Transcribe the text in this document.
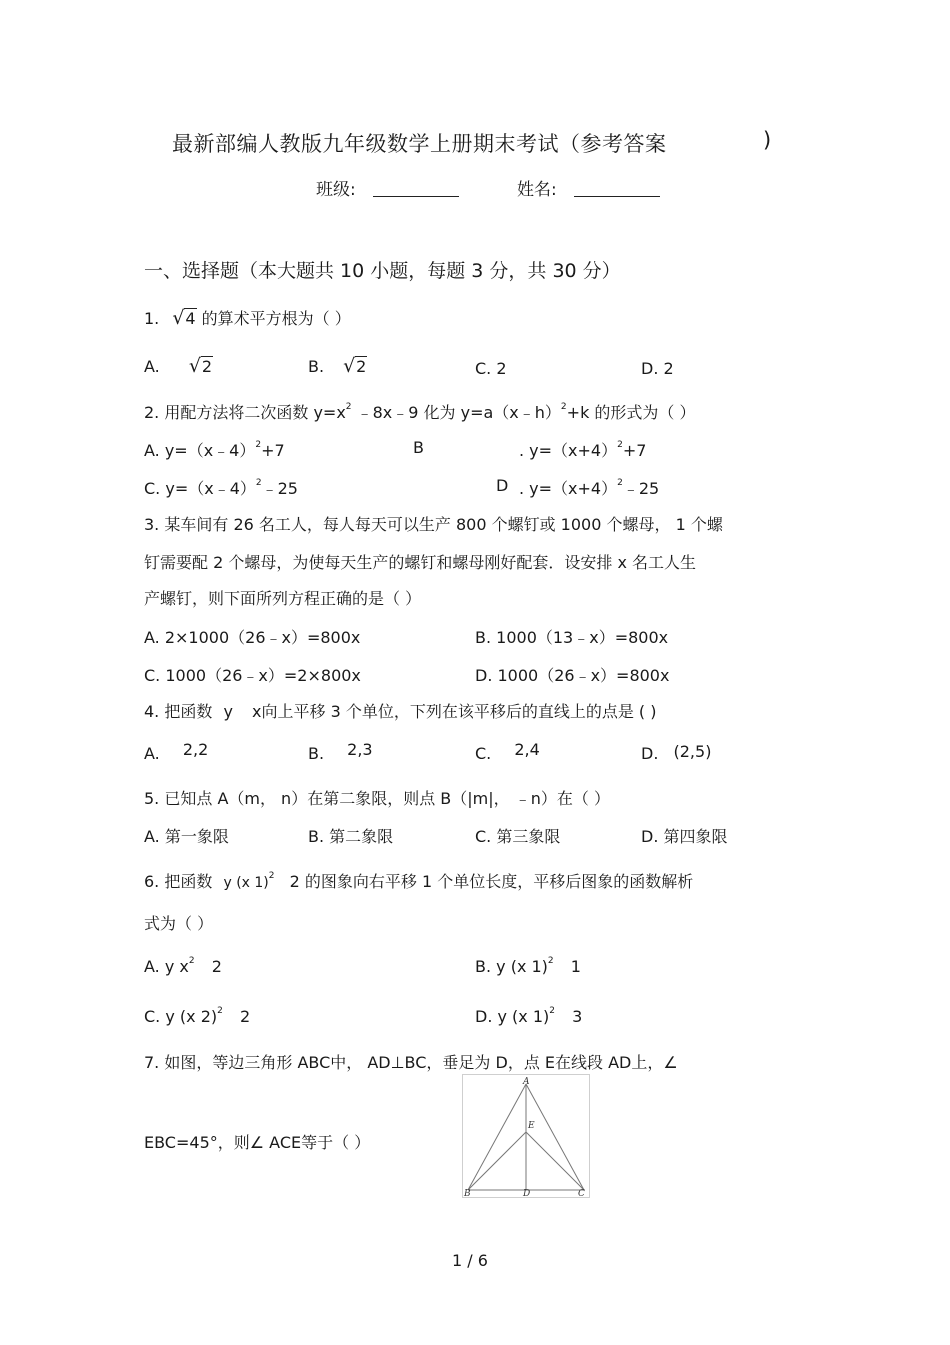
最新部编人教版九年级数学上册期末考试（参考答案	)
班级:	姓名:
一、选择题（本大题共 10 小题，每题 3 分，共 30 分）
1. √ 4 的算术平方根为（ ）
A. √ 2	B. √ 2	C. 2	D. 2
2. 用配方法将二次函数 $y=x^2$ ﹣8x﹣9 化为 y=a（x﹣h）$^2$+k 的形式为（ ）
A. y=（x﹣4）$^2$+7	B	. $y=(x+4)^2+7$
C. y=（x﹣4）$^2$﹣25	D . $y=(x+4)^2﹣25$
3. 某车间有 26 名工人，每人每天可以生产 800 个螺钉或 1000 个螺母， 1 个螺
钉需要配 2 个螺母，为使每天生产的螺钉和螺母刚好配套．设安排 x 名工人生
产螺钉，则下面所列方程正确的是（ ）
A. 2×1000（26﹣x）=800x	B. 1000（13﹣x）=800x
C. 1000（26﹣x）=2×800x	D. 1000（26﹣x）=800x
4. 把函数 y x向上平移 3 个单位，下列在该平移后的直线上的点是 ( )
A. 2,2	B. 2,3	C. 2,4	D. (2,5)
5. 已知点 A（m， n）在第二象限，则点 B（|m|， ﹣n）在（ ）
A. 第一象限	B. 第二象限	C. 第三象限	D. 第四象限
6. 把函数 y (x 1)$^2$ 2 的图象向右平移 1 个单位长度，平移后图象的函数解析
式为（ ）
A. y $x^2$ 2	B. y (x 1)$^2$ 1
C. y (x 2)$^2$ 2	D. y (x 1)$^2$ 3
7. 如图，等边三角形 ABC中， AD⊥BC，垂足为 D，点 E在线段 AD上，∠
EBC=45°，则∠ ACE等于（ ）
A
E
B	D	C
1 / 6
